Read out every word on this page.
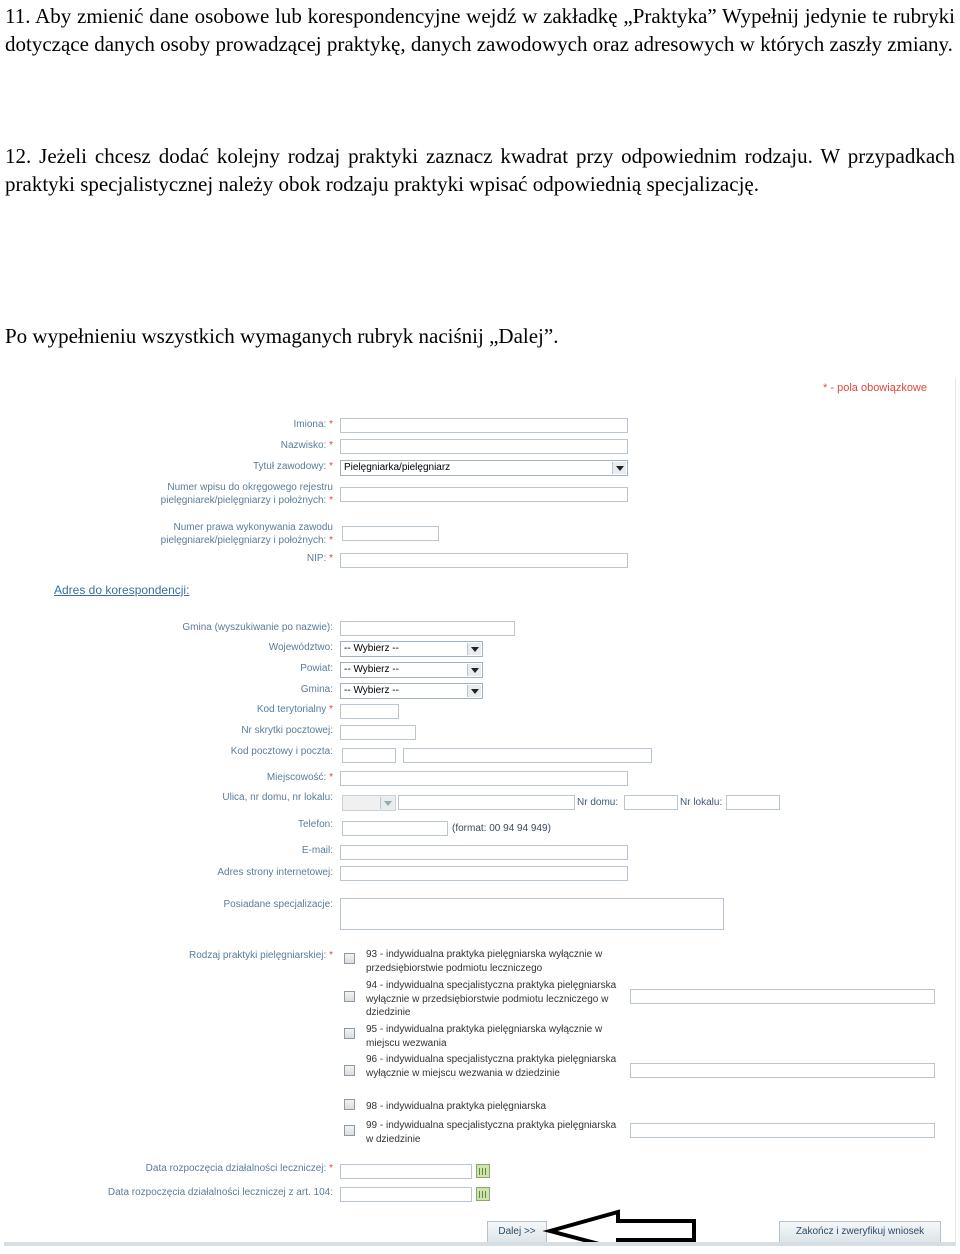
11. Aby zmienić dane osobowe lub korespondencyjne wejdź w zakładkę „Praktyka” Wypełnij jedynie te rubryki dotyczące danych osoby prowadzącej praktykę, danych zawodowych oraz adresowych w których zaszły zmiany.

12. Jeżeli chcesz dodać kolejny rodzaj praktyki zaznacz kwadrat przy odpowiednim rodzaju. W przypadkach praktyki specjalistycznej należy obok rodzaju praktyki wpisać odpowiednią specjalizację.

Po wypełnieniu wszystkich wymaganych rubryk naciśnij „Dalej”.

* - pola obowiązkowe
Imiona: *
Nazwisko: *
Tytuł zawodowy: *	Pielęgniarka/pielęgniarz
Numer wpisu do okręgowego rejestru
pielęgniarek/pielęgniarzy i położnych: *
Numer prawa wykonywania zawodu
pielęgniarek/pielęgniarzy i położnych: *
NIP: *
Adres do korespondencji:
Gmina (wyszukiwanie po nazwie):
Województwo:	-- Wybierz --
Powiat:	-- Wybierz --
Gmina:	-- Wybierz --
Kod terytorialny *
Nr skrytki pocztowej:
Kod pocztowy i poczta:
Miejscowość: *
Ulica, nr domu, nr lokalu:	Nr domu:	Nr lokalu:
Telefon:	(format: 00 94 94 949)
E-mail:
Adres strony internetowej:
Posiadane specjalizacje:
Rodzaj praktyki pielęgniarskiej: *	93 - indywidualna praktyka pielęgniarska wyłącznie w przedsiębiorstwie podmiotu leczniczego
94 - indywidualna specjalistyczna praktyka pielęgniarska wyłącznie w przedsiębiorstwie podmiotu leczniczego w dziedzinie
95 - indywidualna praktyka pielęgniarska wyłącznie w miejscu wezwania
96 - indywidualna specjalistyczna praktyka pielęgniarska wyłącznie w miejscu wezwania w dziedzinie
98 - indywidualna praktyka pielęgniarska
99 - indywidualna specjalistyczna praktyka pielęgniarska w dziedzinie
Data rozpoczęcia działalności leczniczej: *
Data rozpoczęcia działalności leczniczej z art. 104:
Dalej >>	Zakończ i zweryfikuj wniosek
